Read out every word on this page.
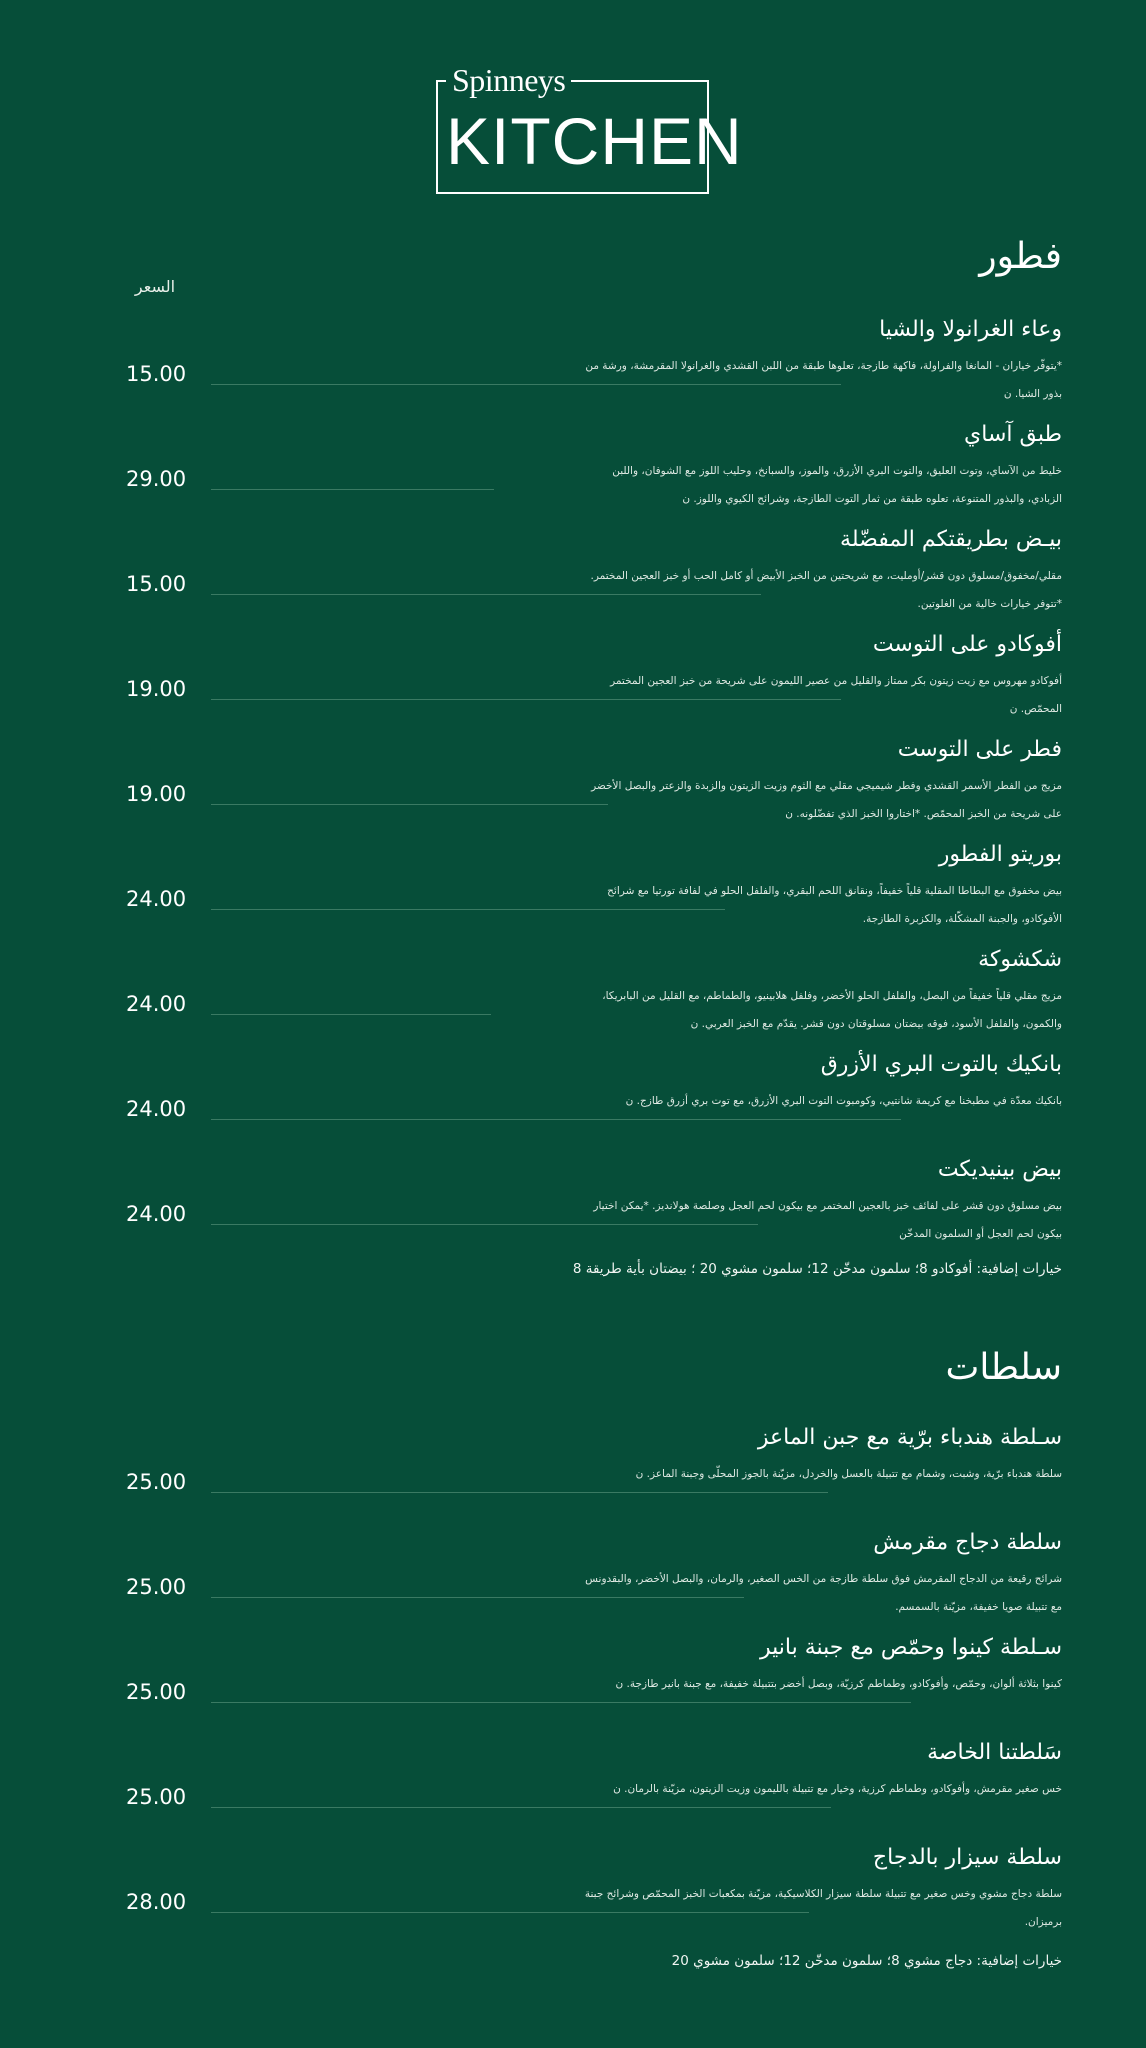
Spinneys
KITCHEN
السعر
فطور
وعاء الغرانولا والشيا
*يتوفّر خياران - المانغا والفراولة، فاكهة طازجة، تعلوها طبقة من اللبن القشدي والغرانولا المقرمشة، ورشة من بذور الشيا. ن
15.00
طبق آساي
خليط من الآساي، وتوت العليق، والتوت البري الأزرق، والموز، والسبانخ، وحليب اللوز مع الشوفان، واللبن الزبادي، والبذور المتنوعة، تعلوه طبقة من ثمار التوت الطازجة، وشرائح الكيوي واللوز. ن
29.00
بيـض بطريقتكم المفضّلة
مقلي/مخفوق/مسلوق دون قشر/أومليت، مع شريحتين من الخبز الأبيض أو كامل الحب أو خبز العجين المختمر. *تتوفر خيارات خالية من الغلوتين.
15.00
أفوكادو على التوست
أفوكادو مهروس مع زيت زيتون بكر ممتاز والقليل من عصير الليمون على شريحة من خبز العجين المختمر المحمّص. ن
19.00
فطر على التوست
مزيج من الفطر الأسمر القشدي وفطر شيميجي مقلي مع الثوم وزيت الزيتون والزبدة والزعتر والبصل الأخضر على شريحة من الخبز المحمّص. *اختاروا الخبز الذي تفضّلونه. ن
19.00
بوريتو الفطور
بيض مخفوق مع البطاطا المقلية قلياً خفيفاً، ونقانق اللحم البقري، والفلفل الحلو في لفافة تورتيا مع شرائح الأفوكادو، والجبنة المشكّلة، والكزبرة الطازجة.
24.00
شكشوكة
مزيج مقلي قلياً خفيفاً من البصل، والفلفل الحلو الأخضر، وفلفل هلابينيو، والطماطم، مع القليل من البابريكا، والكمون، والفلفل الأسود، فوقه بيضتان مسلوقتان دون قشر. يقدّم مع الخبز العربي. ن
24.00
بانكيك بالتوت البري الأزرق
بانكيك معدّة في مطبخنا مع كريمة شانتيي، وكومبوت التوت البري الأزرق، مع توت بري أزرق طازج. ن
24.00
بيض بينيديكت
بيض مسلوق دون قشر على لفائف خبز بالعجين المختمر مع بيكون لحم العجل وصلصة هولانديز. *يمكن اختيار بيكون لحم العجل أو السلمون المدخّن
24.00
خيارات إضافية: أفوكادو 8؛ سلمون مدخّن 12؛ سلمون مشوي 20 ؛ بيضتان بأية طريقة 8
سلطات
سـلطة هندباء برّية مع جبن الماعز
سلطة هندباء برّية، وشبت، وشمام مع تتبيلة بالعسل والخردل، مزيّنة بالجوز المحلّى وجبنة الماعز. ن
25.00
سلطة دجاج مقرمش
شرائح رقيعة من الدجاج المقرمش فوق سلطة طازجة من الخس الصغير، والرمان، والبصل الأخضر، والبقدونس مع تتبيلة صويا خفيفة، مزيّنة بالسمسم.
25.00
سـلطة كينوا وحمّص مع جبنة بانير
كينوا بثلاثة ألوان، وحمّص، وأفوكادو، وطماطم كرزيّة، وبصل أخضر بتتبيلة خفيفة، مع جبنة بانير طازجة. ن
25.00
سَلطتنا الخاصة
خس صغير مقرمش، وأفوكادو، وطماطم كرزية، وخيار مع تتبيلة بالليمون وزيت الزيتون، مزيّنة بالرمان. ن
25.00
سلطة سيزار بالدجاج
سلطة دجاج مشوي وخس صغير مع تتبيلة سلطة سيزار الكلاسيكية، مزيّنة بمكعبات الخبز المحمّص وشرائح جبنة برميزان.
28.00
خيارات إضافية: دجاج مشوي 8؛ سلمون مدخّن 12؛ سلمون مشوي 20
